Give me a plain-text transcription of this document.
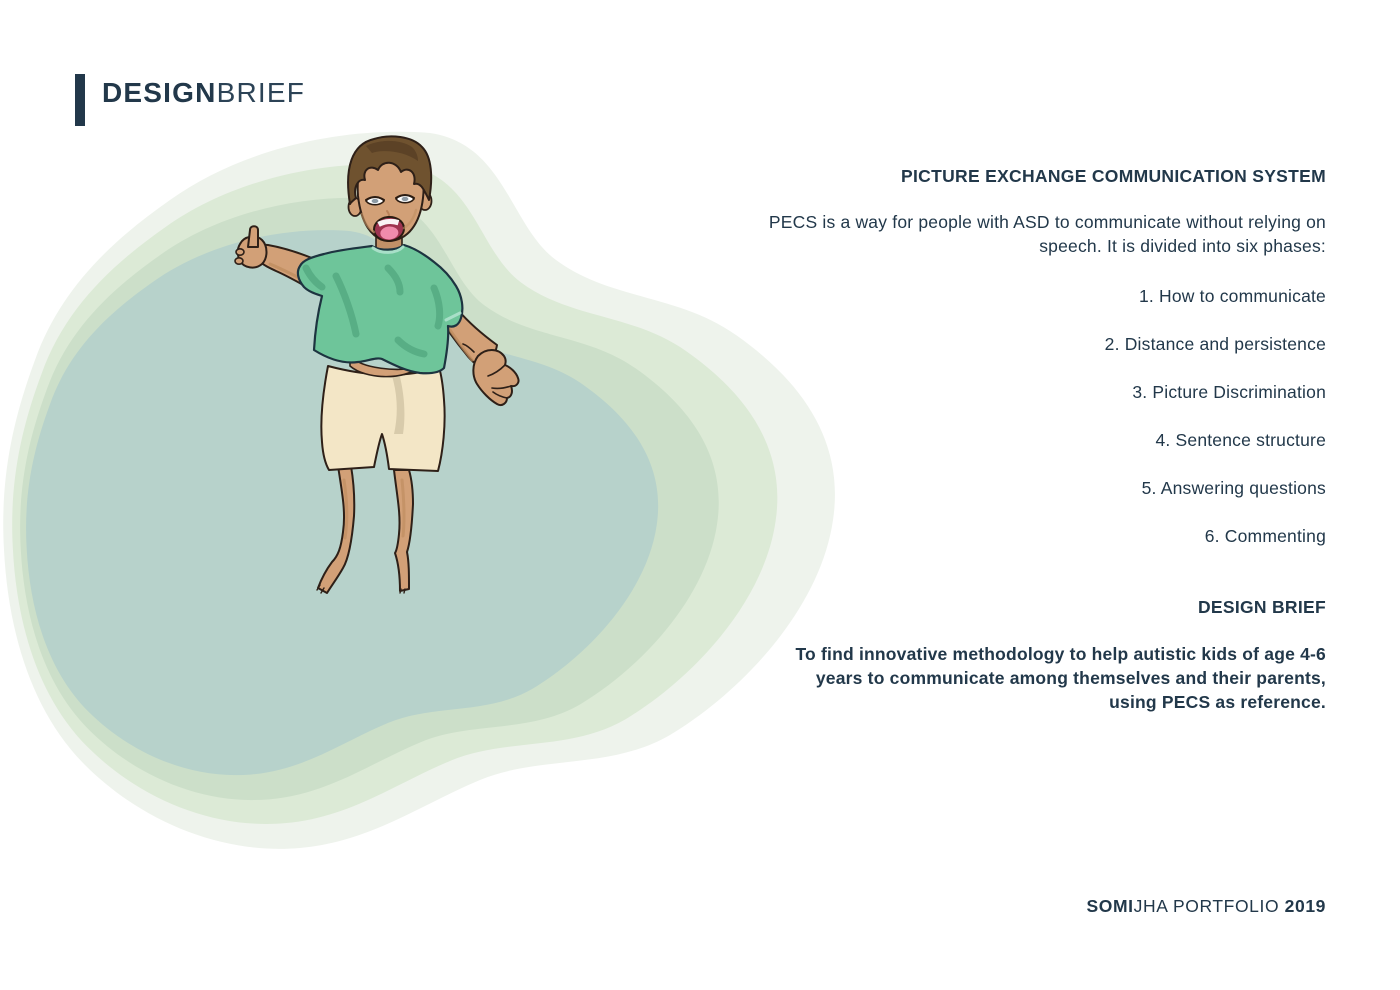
DESIGNBRIEF
PICTURE EXCHANGE COMMUNICATION SYSTEM

PECS is a way for people with ASD to communicate without relying on speech. It is divided into six phases:

1. How to communicate
2. Distance and persistence
3. Picture Discrimination
4. Sentence structure
5. Answering questions
6. Commenting
DESIGN BRIEF

To find innovative methodology to help autistic kids of age 4-6 years to communicate among themselves and their parents, using PECS as reference.

SOMIJHA PORTFOLIO 2019
